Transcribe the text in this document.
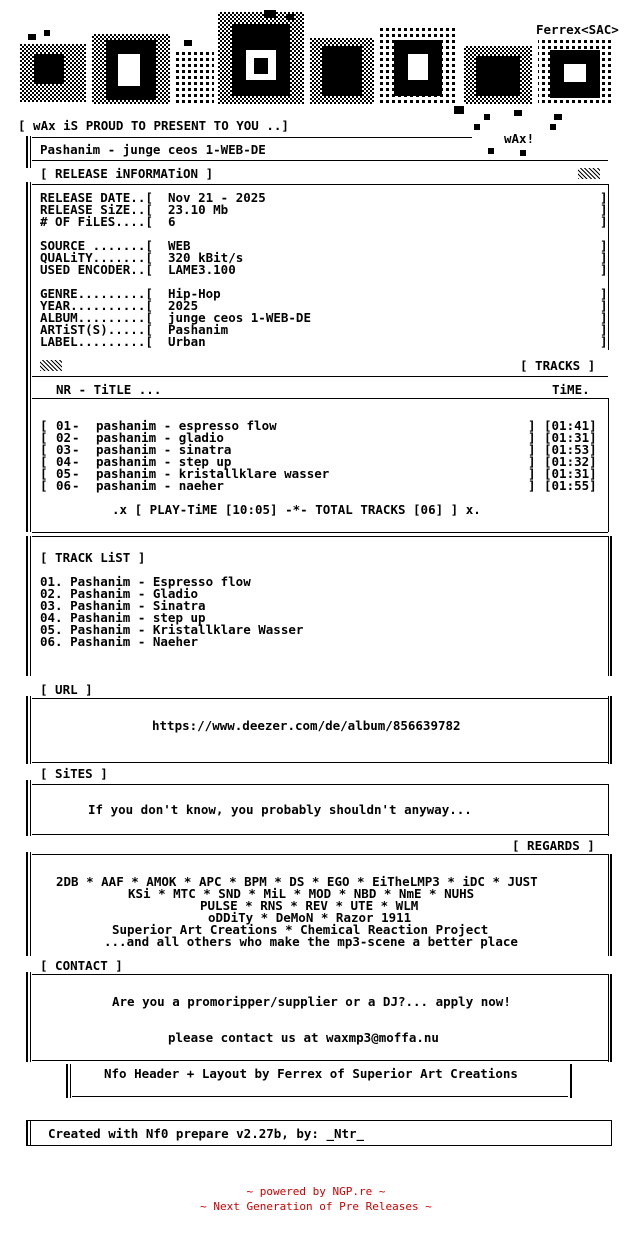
Ferrex<SAC>
[ wAx iS PROUD TO PRESENT TO YOU ..]
wAx!
Pashanim - junge ceos 1-WEB-DE
[ RELEASE iNFORMATiON ]
RELEASE DATE..[ Nov 21 - 2025
RELEASE SiZE..[ 23.10 Mb
# OF FiLES....[ 6
SOURCE .......[ WEB
QUALiTY.......[ 320 kBit/s
USED ENCODER..[ LAME3.100
GENRE.........[ Hip-Hop
YEAR..........[ 2025
ALBUM.........[ junge ceos 1-WEB-DE
ARTiST(S).....[ Pashanim
LABEL.........[ Urban
]
]
]

]
]
]

]
]
]
]
]
[ TRACKS ]
NR - TiTLE ...	TiME.
[ 01 - pashanim - espresso flow	] [01:41]
[ 02 - pashanim - gladio	] [01:31]
[ 03 - pashanim - sinatra	] [01:53]
[ 04 - pashanim - step up	] [01:32]
[ 05 - pashanim - kristallklare wasser	] [01:31]
[ 06 - pashanim - naeher	] [01:55]
.x [ PLAY-TiME [10:05] -*- TOTAL TRACKS [06] ] x.
[ TRACK LiST ]
01. Pashanim - Espresso flow
02. Pashanim - Gladio
03. Pashanim - Sinatra
04. Pashanim - step up
05. Pashanim - Kristallklare Wasser
06. Pashanim - Naeher
[ URL ]
https://www.deezer.com/de/album/856639782
[ SiTES ]
If you don't know, you probably shouldn't anyway...
[ REGARDS ]
2DB * AAF * AMOK * APC * BPM * DS * EGO * EiTheLMP3 * iDC * JUST
KSi * MTC * SND * MiL * MOD * NBD * NmE * NUHS
PULSE * RNS * REV * UTE * WLM
oDDiTy * DeMoN * Razor 1911
Superior Art Creations * Chemical Reaction Project
...and all others who make the mp3-scene a better place
[ CONTACT ]
Are you a promoripper/supplier or a DJ?... apply now!
please contact us at waxmp3@moffa.nu
Nfo Header + Layout by Ferrex of Superior Art Creations
Created with Nf0 prepare v2.27b, by: _Ntr_
~ powered by NGP.re ~
~ Next Generation of Pre Releases ~
